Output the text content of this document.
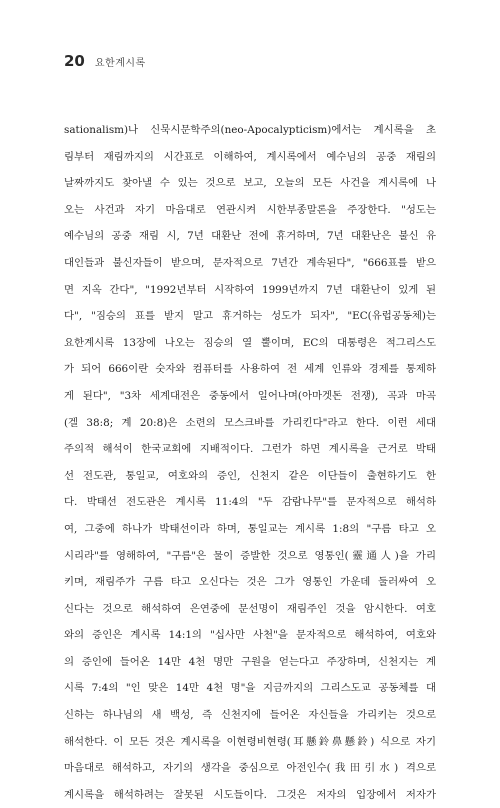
20 요한계시록
sationalism)나 신묵시문학주의(neo-Apocalypticism)에서는 계시록을 초
림부터 재림까지의 시간표로 이해하여, 계시록에서 예수님의 공중 재림의
날짜까지도 찾아낼 수 있는 것으로 보고, 오늘의 모든 사건을 계시록에 나
오는 사건과 자기 마음대로 연관시켜 시한부종말론을 주장한다. "성도는
예수님의 공중 재림 시, 7년 대환난 전에 휴거하며, 7년 대환난은 불신 유
대인들과 불신자들이 받으며, 문자적으로 7년간 계속된다", "666표를 받으
면 지옥 간다", "1992년부터 시작하여 1999년까지 7년 대환난이 있게 된
다", "짐승의 표를 받지 말고 휴거하는 성도가 되자", "EC(유럽공동체)는
요한계시록 13장에 나오는 짐승의 열 뿔이며, EC의 대통령은 적그리스도
가 되어 666이란 숫자와 컴퓨터를 사용하여 전 세계 인류와 경제를 통제하
게 된다", "3차 세계대전은 중동에서 일어나며(아마겟돈 전쟁), 곡과 마곡
(겔 38:8; 계 20:8)은 소련의 모스크바를 가리킨다"라고 한다. 이런 세대
주의적 해석이 한국교회에 지배적이다. 그런가 하면 계시록을 근거로 박태
선 전도관, 통일교, 여호와의 증인, 신천지 같은 이단들이 출현하기도 한
다. 박태선 전도관은 계시록 11:4의 "두 감람나무"를 문자적으로 해석하
여, 그중에 하나가 박태선이라 하며, 통일교는 계시록 1:8의 "구름 타고 오
시리라"를 영해하여, "구름"은 물이 증발한 것으로 영통인(靈通人)을 가리
키며, 재림주가 구름 타고 오신다는 것은 그가 영통인 가운데 둘러싸여 오
신다는 것으로 해석하여 은연중에 문선명이 재림주인 것을 암시한다. 여호
와의 증인은 계시록 14:1의 "십사만 사천"을 문자적으로 해석하여, 여호와
의 증인에 들어온 14만 4천 명만 구원을 얻는다고 주장하며, 신천지는 계
시록 7:4의 "인 맞은 14만 4천 명"을 지금까지의 그리스도교 공동체를 대
신하는 하나님의 새 백성, 즉 신천지에 들어온 자신들을 가리키는 것으로
해석한다. 이 모든 것은 계시록을 이현령비현령(耳懸鈴鼻懸鈴) 식으로 자기
마음대로 해석하고, 자기의 생각을 중심으로 아전인수(我田引水) 격으로
계시록을 해석하려는 잘못된 시도들이다. 그것은 저자의 입장에서 저자가
